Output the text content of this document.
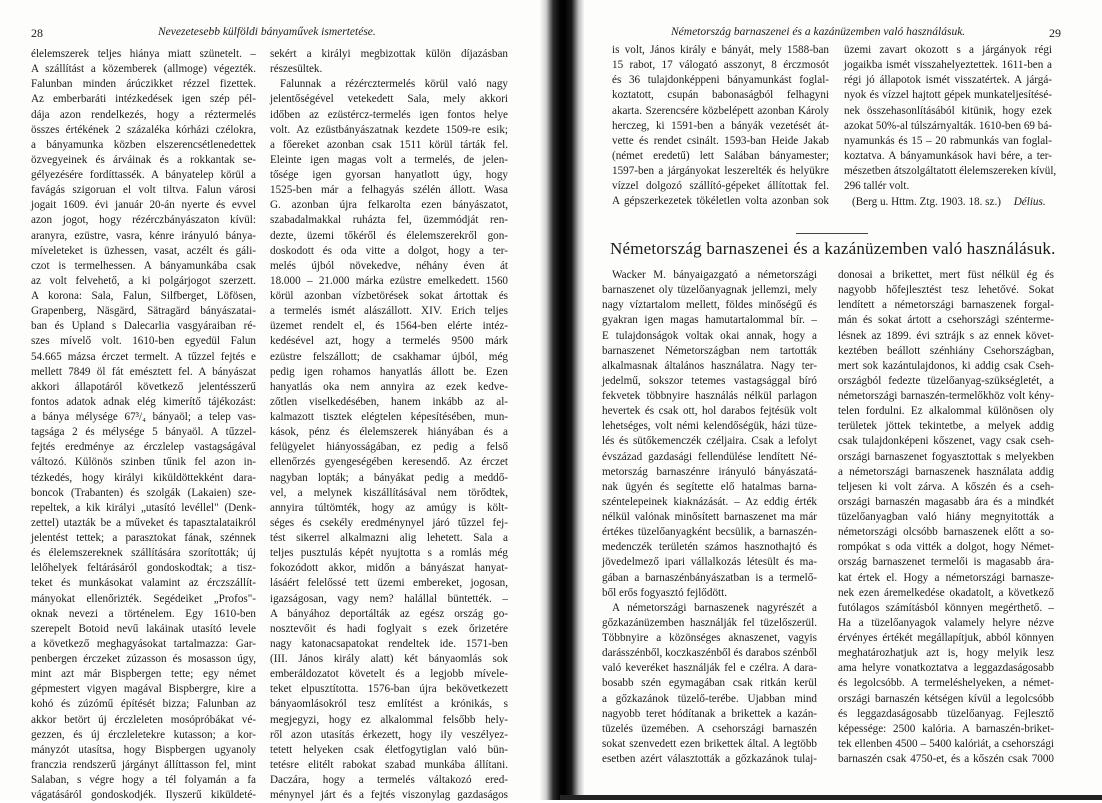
28	Nevezetesebb külföldi bányaművek ismertetése.
élelemszerek teljes hiánya miatt szünetelt. –
A szállítást a közemberek (allmoge) végezték.
Falunban minden árúczikket rézzel fizettek.
Az emberbaráti intézkedések igen szép pél-
dája azon rendelkezés, hogy a réztermelés
összes értékének 2 százaléka kórházi czélokra,
a bányamunka közben elszerencsétlenedettek
özvegyeinek és árváinak és a rokkantak se-
gélyezésére fordíttassék. A bányatelep körül a
favágás szigoruan el volt tiltva. Falun városi
jogait 1609. évi január 20-án nyerte és evvel
azon jogot, hogy rézérczbányászaton kívül:
aranyra, ezüstre, vasra, kénre irányuló bánya-
míveleteket is üzhessen, vasat, aczélt és gáli-
czot is termelhessen. A bányamunkába csak
az volt felvehető, a ki polgárjogot szerzett.
A korona: Sala, Falun, Silfberget, Löfösen,
Grapenberg, Näsgärd, Sätragärd bányászatai-
ban és Upland s Dalecarlia vasgyáraiban ré-
szes mívelő volt. 1610-ben egyedül Falun
54.665 mázsa érczet termelt. A tűzzel fejtés e
mellett 7849 öl fát emésztett fel. A bányászat
akkori állapotáról következő jelentésszerű
fontos adatok adnak elég kimerítő tájékozást:
a bánya mélysége 67³/₄ bányaöl; a telep vas-
tagsága 2 és mélysége 5 bányaöl. A tűzzel-
fejtés eredménye az érczlelep vastagságával
változó. Különös szinben tűnik fel azon in-
tézkedés, hogy királyi kiküldöttekként dara-
boncok (Trabanten) és szolgák (Lakaien) sze-
repeltek, a kik királyi „utasító levéllel" (Denk-
zettel) utazták be a műveket és tapasztalataikról
jelentést tettek; a parasztokat fának, szénnek
és élelemszereknek szállítására szorították; új
lelőhelyek feltárásáról gondoskodtak; a tisz-
teket és munkásokat valamint az érczszállít-
mányokat ellenőrizték. Segédeiket „Profos"-
oknak nevezi a történelem. Egy 1610-ben
szerepelt Botoid nevű lakáinak utasító levele
a következő meghagyásokat tartalmazza: Gar-
penbergen érczeket zúzasson és mosasson úgy,
mint azt már Bispbergen tette; egy német
gépmestert vigyen magával Bispbergre, kire a
kohó és zúzómű építését bizza; Falunban az
akkor betört új érczleleten mosópróbákat vé-
gezzen, és új érczleletekre kutasson; a kor-
mányzót utasítsa, hogy Bispbergen ugyanoly
franczia rendszerű járgányt állíttasson fel, mint
Salaban, s végre hogy a tél folyamán a fa
vágatásáról gondoskodjék. Ilyszerű kiküldeté-
sekért a királyi megbizottak külön díjazásban
részesültek.
Falunnak a rézércztermelés körül való nagy
jelentőségével vetekedett Sala, mely akkori
időben az ezüstércz-termelés igen fontos helye
volt. Az ezüstbányászatnak kezdete 1509-re esik;
a főereket azonban csak 1511 körül tárták fel.
Eleinte igen magas volt a termelés, de jelen-
tősége igen gyorsan hanyatlott úgy, hogy
1525-ben már a felhagyás szélén állott. Wasa
G. azonban újra felkarolta ezen bányászatot,
szabadalmakkal ruházta fel, üzemmódját ren-
dezte, üzemi tőkéről és élelemszerekről gon-
doskodott és oda vitte a dolgot, hogy a ter-
melés újból növekedve, néhány éven át
18.000 – 21.000 márka ezüstre emelkedett. 1560
körül azonban vízbetörések sokat ártottak és
a termelés ismét alászállott. XIV. Erich teljes
üzemet rendelt el, és 1564-ben elérte intéz-
kedésével azt, hogy a termelés 9500 márk
ezüstre felszállott; de csakhamar újból, még
pedig igen rohamos hanyatlás állott be. Ezen
hanyatlás oka nem annyira az ezek kedve-
zőtlen viselkedésében, hanem inkább az al-
kalmazott tisztek elégtelen képesítésében, mun-
kások, pénz és élelemszerek hiányában és a
felügyelet hiányosságában, ez pedig a felső
ellenőrzés gyengeségében keresendő. Az érczet
nagyban lopták; a bányákat pedig a meddő-
vel, a melynek kiszállításával nem törődtek,
annyira túltömték, hogy az amúgy is költ-
séges és csekély eredménynyel járó tűzzel fej-
tést sikerrel alkalmazni alig lehetett. Sala a
teljes pusztulás képét nyujtotta s a romlás még
fokozódott akkor, midőn a bányászat hanyat-
lásáért felelőssé tett üzemi embereket, jogosan,
igazságosan, vagy nem? halállal büntették. –
A bányához deportálták az egész ország go-
nosztevőit és hadi foglyait s ezek őrizetére
nagy katonacsapatokat rendeltek ide. 1571-ben
(III. János király alatt) két bányaomlás sok
emberáldozatot követelt és a legjobb mívele-
teket elpusztította. 1576-ban újra bekövetkezett
bányaomlásokról tesz említést a krónikás, s
megjegyzi, hogy ez alkalommal felsőbb hely-
ről azon utasítás érkezett, hogy ily veszélyez-
tetett helyeken csak életfogytiglan való bün-
tetésre elitélt rabokat szabad munkába állítani.
Daczára, hogy a termelés váltakozó ered-
ménynyel járt és a fejtés viszonylag gazdaságos
Németország barnaszenei és a kazánüzemben való használásuk.	29
is volt, János király e bányát, mely 1588-ban
15 rabot, 17 válogató asszonyt, 8 érczmosót
és 36 tulajdonképpeni bányamunkást foglal-
koztatott, csupán babonaságból felhagyni
akarta. Szerencsére közbelépett azonban Károly
herczeg, ki 1591-ben a bányák vezetését át-
vette és rendet csinált. 1593-ban Heide Jakab
(német eredetű) lett Salában bányamester;
1597-ben a járgányokat leszerelték és helyükre
vízzel dolgozó szállító-gépeket állítottak fel.
A gépszerkezetek tökéletlen volta azonban sok
üzemi zavart okozott s a járgányok régi
jogaikba ismét visszahelyeztettek. 1611-ben a
régi jó állapotok ismét visszatértek. A járgá-
nyok és vízzel hajtott gépek munkateljesítésé-
nek összehasonlításából kitünik, hogy ezek
azokat 50%-al túlszárnyalták. 1610-ben 69 bá-
nyamunkás és 15 – 20 rabmunkás van foglal-
koztatva. A bányamunkások havi bére, a ter-
mészetben átszolgáltatott élelemszereken kívül,
296 tallér volt.
(Berg u. Httm. Ztg. 1903. 18. sz.) Délius.
Németország barnaszenei és a kazánüzemben való használásuk.
Wacker M. bányaigazgató a németországi
barnaszenet oly tüzelőanyagnak jellemzi, mely
nagy víztartalom mellett, földes minőségű és
gyakran igen magas hamutartalommal bír. –
E tulajdonságok voltak okai annak, hogy a
barnaszenet Németországban nem tartották
alkalmasnak általános használatra. Nagy ter-
jedelmű, sokszor tetemes vastagsággal bíró
fekvetek többnyire használás nélkül parlagon
hevertek és csak ott, hol darabos fejtésük volt
lehetséges, volt némi kelendőségük, házi tüze-
lés és sütőkemenczék czéljaira. Csak a lefolyt
évszázad gazdasági fellendülése lendített Né-
metország barnaszénre irányuló bányászatá-
nak ügyén és segítette elő hatalmas barna-
széntelepeinek kiaknázását. – Az eddig érték
nélkül valónak minősített barnaszenet ma már
értékes tüzelőanyagként becsülik, a barnaszén-
medenczék területén számos hasznothajtó és
jövedelmező ipari vállalkozás létesült és ma-
gában a barnaszénbányászatban is a termelő-
ből erős fogyasztó fejlődött.
A németországi barnaszenek nagyrészét a
gőzkazánüzemben használják fel tüzelőszerül.
Többnyire a közönséges aknaszenet, vagyis
darásszénből, koczkaszénből és darabos szénből
való keveréket használják fel e czélra. A dara-
bosabb szén egymagában csak ritkán kerül
a gőzkazánok tüzelő-terébe. Ujabban mind
nagyobb teret hódítanak a brikettek a kazán-
tüzelés üzemében. A csehországi barnaszén
sokat szenvedett ezen brikettek által. A legtöbb
esetben azért választották a gőzkazánok tulaj-
donosai a brikettet, mert füst nélkül ég és
nagyobb hőfejlesztést tesz lehetővé. Sokat
lendített a németországi barnaszenek forgal-
mán és sokat ártott a csehországi széntermе-
lésnek az 1899. évi sztrájk s az ennek követ-
keztében beállott szénhiány Csehországban,
mert sok kazántulajdonos, ki addig csak Cseh-
országból fedezte tüzelőanyag-szükségletét, a
németországi barnaszén-termelőkhöz volt kény-
telen fordulni. Ez alkalommal különösen oly
területek jöttek tekintetbe, a melyek addig
csak tulajdonképeni kőszenet, vagy csak cseh-
országi barnaszenet fogyasztottak s melyekben
a németországi barnaszenek használata addig
teljesen ki volt zárva. A kőszén és a cseh-
országi barnaszén magasabb ára és a mindkét
tüzelőanyagban való hiány megnyitották a
németországi olcsóbb barnaszenek előtt a so-
rompókat s oda vitték a dolgot, hogy Német-
ország barnaszenet termelői is magasabb ára-
kat értek el. Hogy a németországi barnasze-
nek ezen áremelkedése okadatolt, a következő
futólagos számításból könnyen megérthető. –
Ha a tüzelőanyagok valamely helyre nézve
érvényes értékét megállapítjuk, abból könnyen
meghatározhatjuk azt is, hogy melyik lesz
ama helyre vonatkoztatva a leggazdaságosabb
és legolcsóbb. A termeléshelyeken, a német-
országi barnaszén kétségen kívül a legolcsóbb
és leggazdaságosabb tüzelőanyag. Fejlesztő
képessége: 2500 kalória. A barnaszén-briket-
tek ellenben 4500 – 5400 kalóriát, a csehországi
barnaszén csak 4750-et, és a kőszén csak 7000
